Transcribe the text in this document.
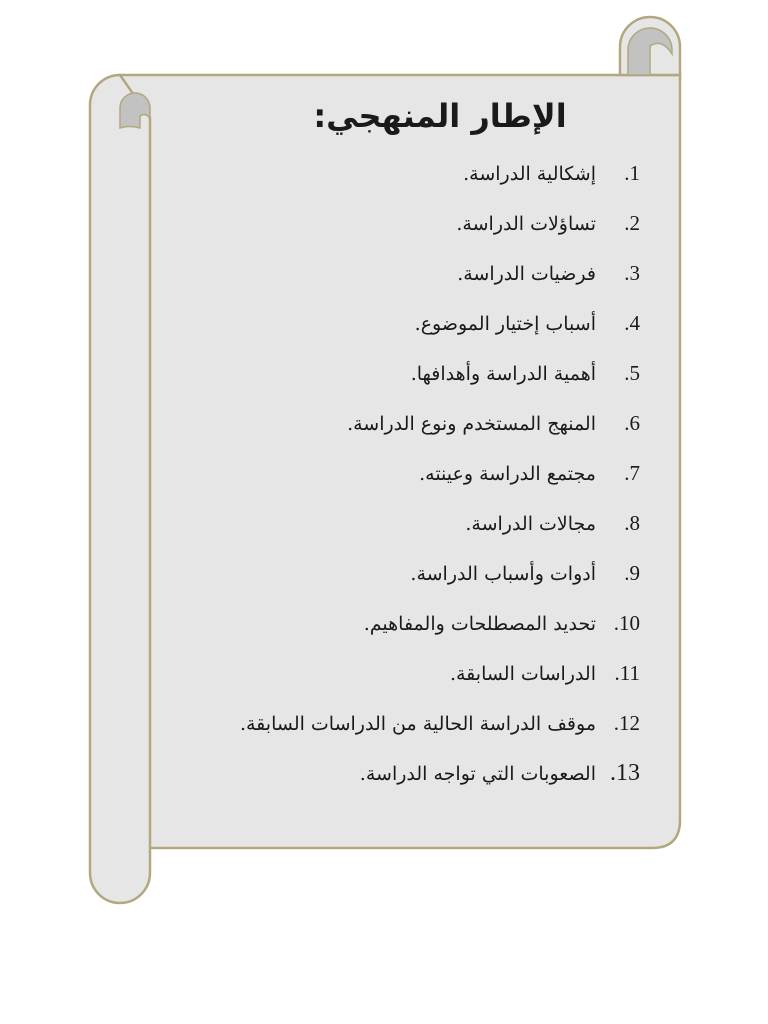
الإطار المنهجي:
1.
إشكالية الدراسة.
2.
تساؤلات الدراسة.
3.
فرضيات الدراسة.
4.
أسباب إختيار الموضوع.
5.
أهمية الدراسة وأهدافها.
6.
المنهج المستخدم ونوع الدراسة.
7.
مجتمع الدراسة وعينته.
8.
مجالات الدراسة.
9.
أدوات وأسباب الدراسة.
10.
تحديد المصطلحات والمفاهيم.
11.
الدراسات السابقة.
12.
موقف الدراسة الحالية من الدراسات السابقة.
13.
الصعوبات التي تواجه الدراسة.
